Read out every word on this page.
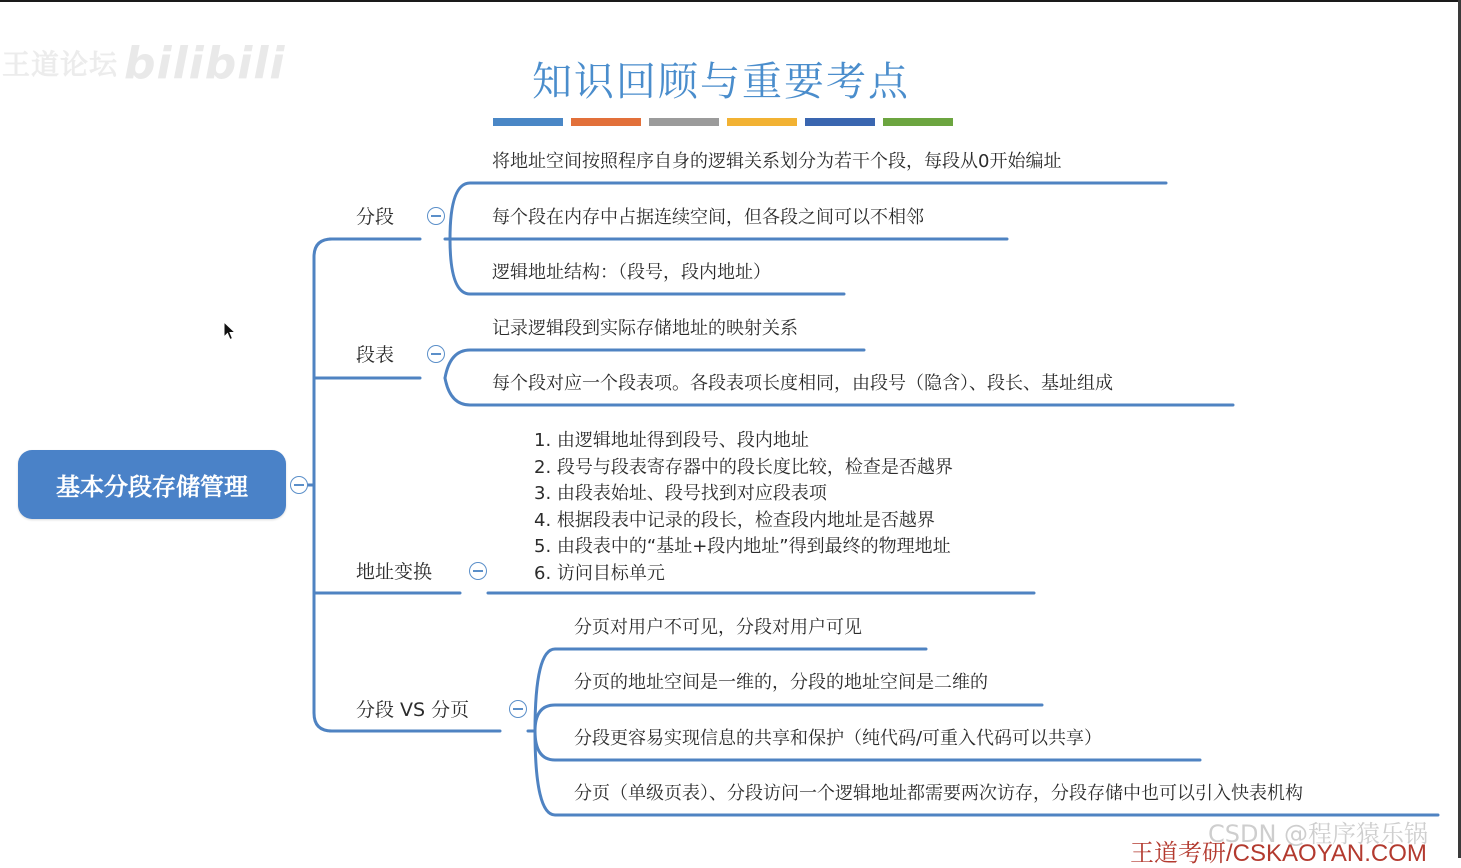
王道论坛 bilibili	知识回顾与重要考点
基本分段存储管理
分段
将地址空间按照程序自身的逻辑关系划分为若干个段，每段从0开始编址
每个段在内存中占据连续空间，但各段之间可以不相邻
逻辑地址结构：（段号，段内地址）
段表
记录逻辑段到实际存储地址的映射关系
每个段对应一个段表项。各段表项长度相同，由段号（隐含）、段长、基址组成
地址变换
1. 由逻辑地址得到段号、段内地址
2. 段号与段表寄存器中的段长度比较，检查是否越界
3. 由段表始址、段号找到对应段表项
4. 根据段表中记录的段长，检查段内地址是否越界
5. 由段表中的“基址+段内地址”得到最终的物理地址
6. 访问目标单元
分段 VS 分页
分页对用户不可见，分段对用户可见
分页的地址空间是一维的，分段的地址空间是二维的
分段更容易实现信息的共享和保护（纯代码/可重入代码可以共享）
分页（单级页表）、分段访问一个逻辑地址都需要两次访存，分段存储中也可以引入快表机构
CSDN @程序猿乐锅
王道考研/CSKAOYAN.COM
